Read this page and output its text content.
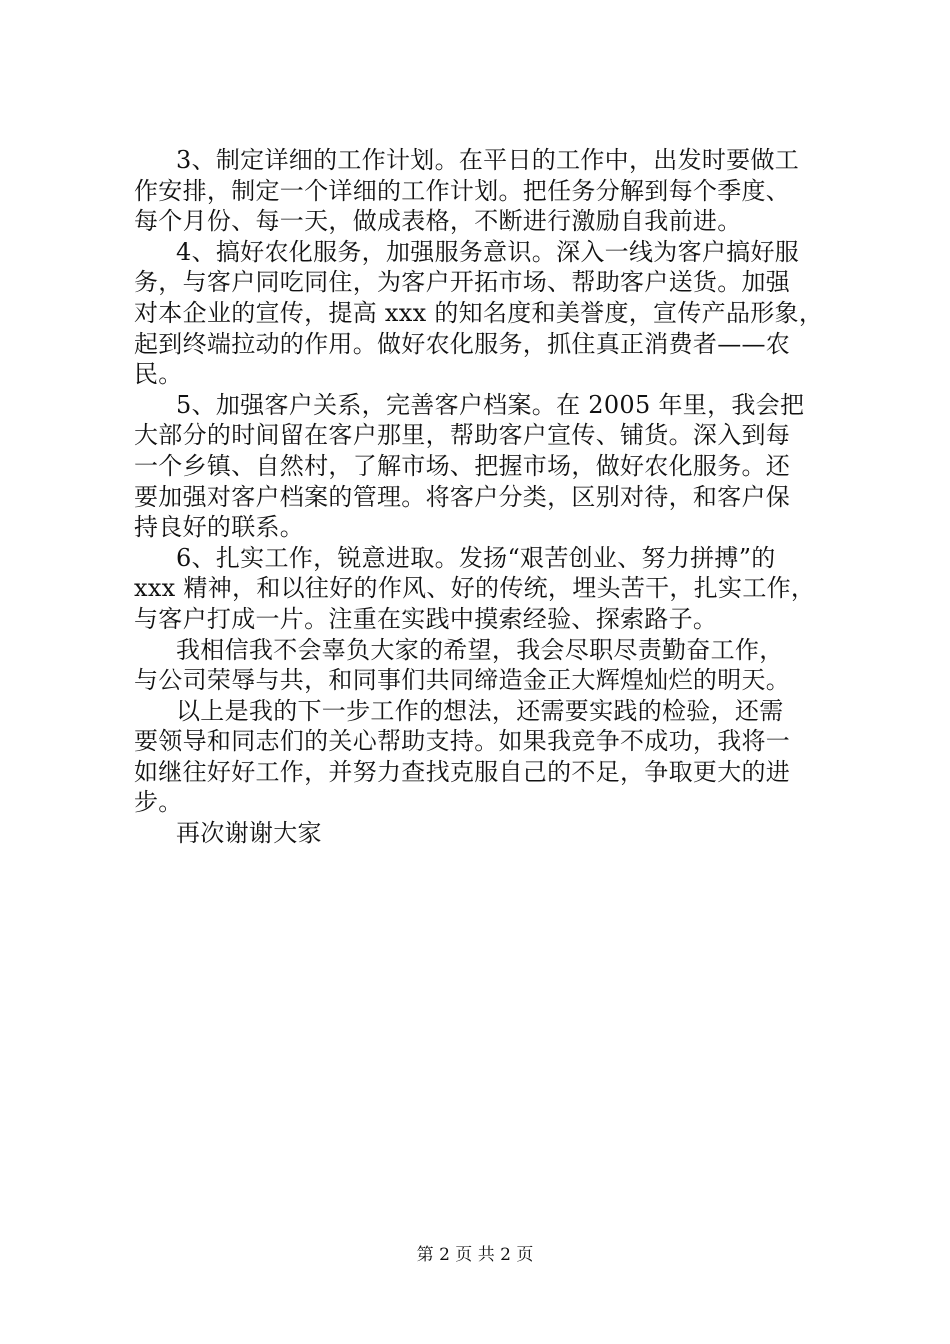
3、制定详细的工作计划。在平日的工作中，出发时要做工
作安排，制定一个详细的工作计划。把任务分解到每个季度、
每个月份、每一天，做成表格，不断进行激励自我前进。
4、搞好农化服务，加强服务意识。深入一线为客户搞好服
务，与客户同吃同住，为客户开拓市场、帮助客户送货。加强
对本企业的宣传，提高 xxx 的知名度和美誉度，宣传产品形象，
起到终端拉动的作用。做好农化服务，抓住真正消费者——农
民。
5、加强客户关系，完善客户档案。在 2005 年里，我会把
大部分的时间留在客户那里，帮助客户宣传、铺货。深入到每
一个乡镇、自然村，了解市场、把握市场，做好农化服务。还
要加强对客户档案的管理。将客户分类，区别对待，和客户保
持良好的联系。
6、扎实工作，锐意进取。发扬“艰苦创业、努力拼搏”的
xxx 精神，和以往好的作风、好的传统，埋头苦干，扎实工作，
与客户打成一片。注重在实践中摸索经验、探索路子。
我相信我不会辜负大家的希望，我会尽职尽责勤奋工作，
与公司荣辱与共，和同事们共同缔造金正大辉煌灿烂的明天。
以上是我的下一步工作的想法，还需要实践的检验，还需
要领导和同志们的关心帮助支持。如果我竞争不成功，我将一
如继往好好工作，并努力查找克服自己的不足，争取更大的进
步。
再次谢谢大家
第 2 页 共 2 页
